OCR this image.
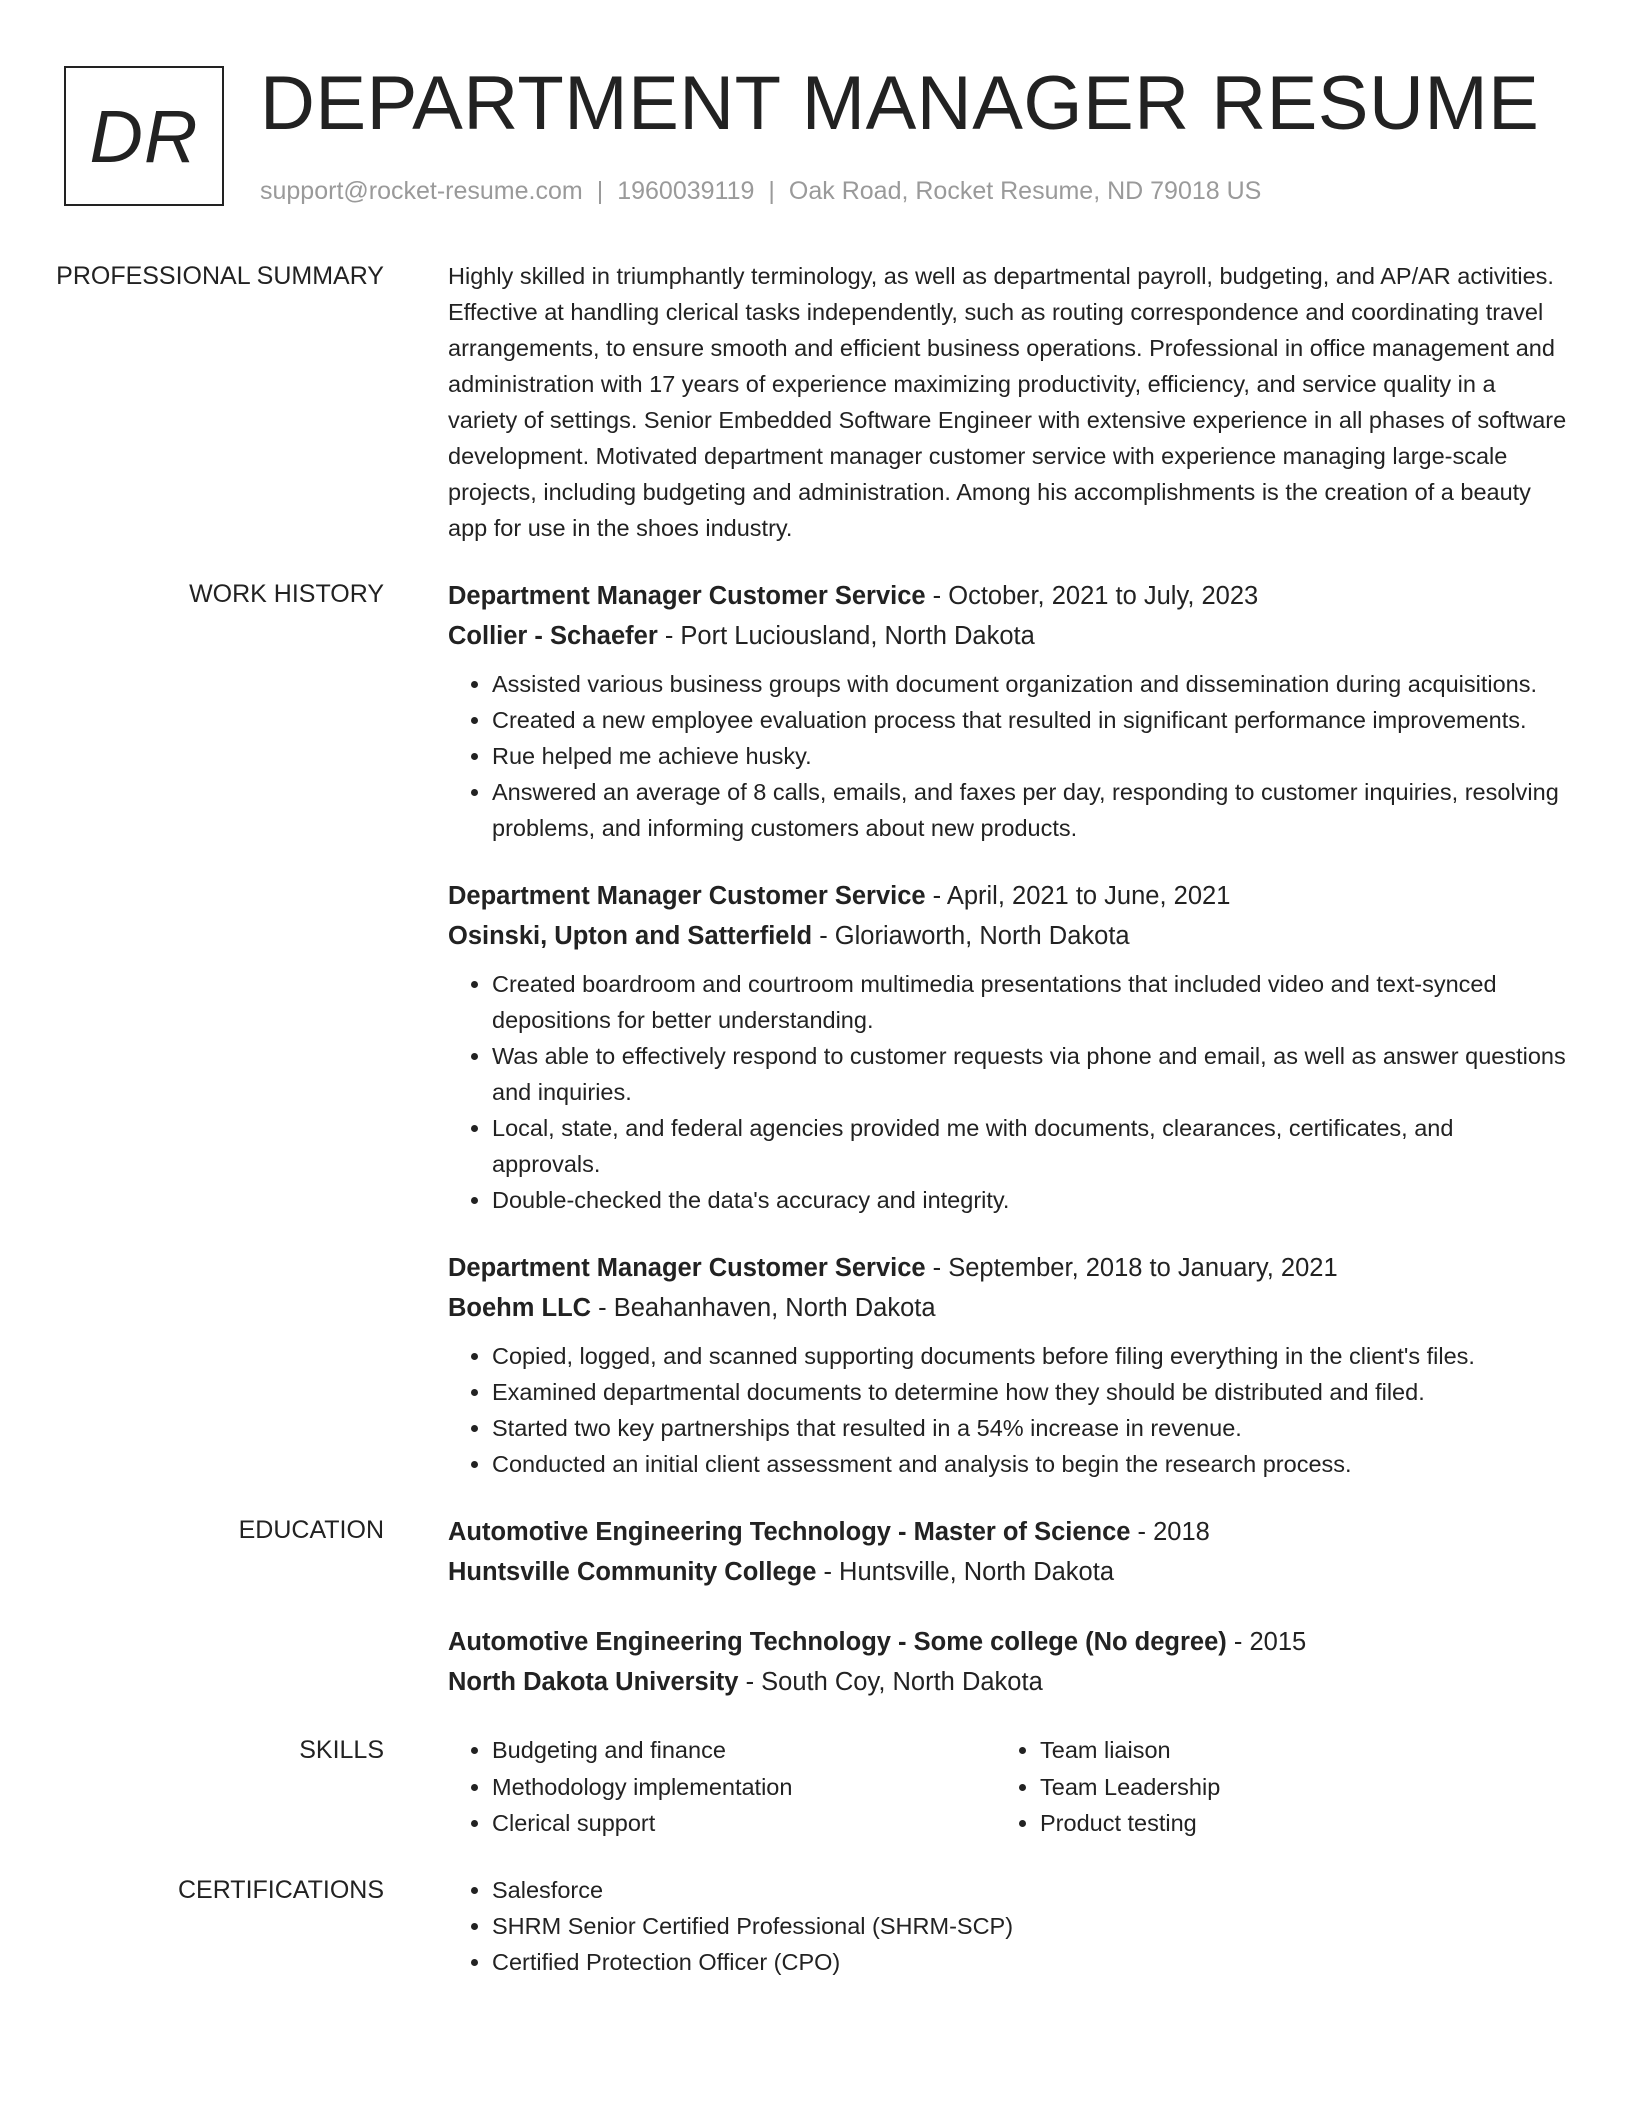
DR DEPARTMENT MANAGER RESUME
support@rocket-resume.com | 1960039119 | Oak Road, Rocket Resume, ND 79018 US
PROFESSIONAL SUMMARY	Highly skilled in triumphantly terminology, as well as departmental payroll, budgeting, and AP/AR activities. Effective at handling clerical tasks independently, such as routing correspondence and coordinating travel arrangements, to ensure smooth and efficient business operations. Professional in office management and administration with 17 years of experience maximizing productivity, efficiency, and service quality in a variety of settings. Senior Embedded Software Engineer with extensive experience in all phases of software development. Motivated department manager customer service with experience managing large-scale projects, including budgeting and administration. Among his accomplishments is the creation of a beauty app for use in the shoes industry.

WORK HISTORY	Department Manager Customer Service - October, 2021 to July, 2023
Collier - Schaefer - Port Luciousland, North Dakota
• Assisted various business groups with document organization and dissemination during acquisitions.
• Created a new employee evaluation process that resulted in significant performance improvements.
• Rue helped me achieve husky.
• Answered an average of 8 calls, emails, and faxes per day, responding to customer inquiries, resolving problems, and informing customers about new products.
Department Manager Customer Service - April, 2021 to June, 2021
Osinski, Upton and Satterfield - Gloriaworth, North Dakota
• Created boardroom and courtroom multimedia presentations that included video and text-synced depositions for better understanding.
• Was able to effectively respond to customer requests via phone and email, as well as answer questions and inquiries.
• Local, state, and federal agencies provided me with documents, clearances, certificates, and approvals.
• Double-checked the data's accuracy and integrity.
Department Manager Customer Service - September, 2018 to January, 2021
Boehm LLC - Beahanhaven, North Dakota
• Copied, logged, and scanned supporting documents before filing everything in the client's files.
• Examined departmental documents to determine how they should be distributed and filed.
• Started two key partnerships that resulted in a 54% increase in revenue.
• Conducted an initial client assessment and analysis to begin the research process.
EDUCATION	Automotive Engineering Technology - Master of Science - 2018
Huntsville Community College - Huntsville, North Dakota
Automotive Engineering Technology - Some college (No degree) - 2015
North Dakota University - South Coy, North Dakota
SKILLS	• Budgeting and finance
• Methodology implementation
• Clerical support
• Team liaison
• Team Leadership
• Product testing
CERTIFICATIONS	• Salesforce
• SHRM Senior Certified Professional (SHRM-SCP)
• Certified Protection Officer (CPO)
